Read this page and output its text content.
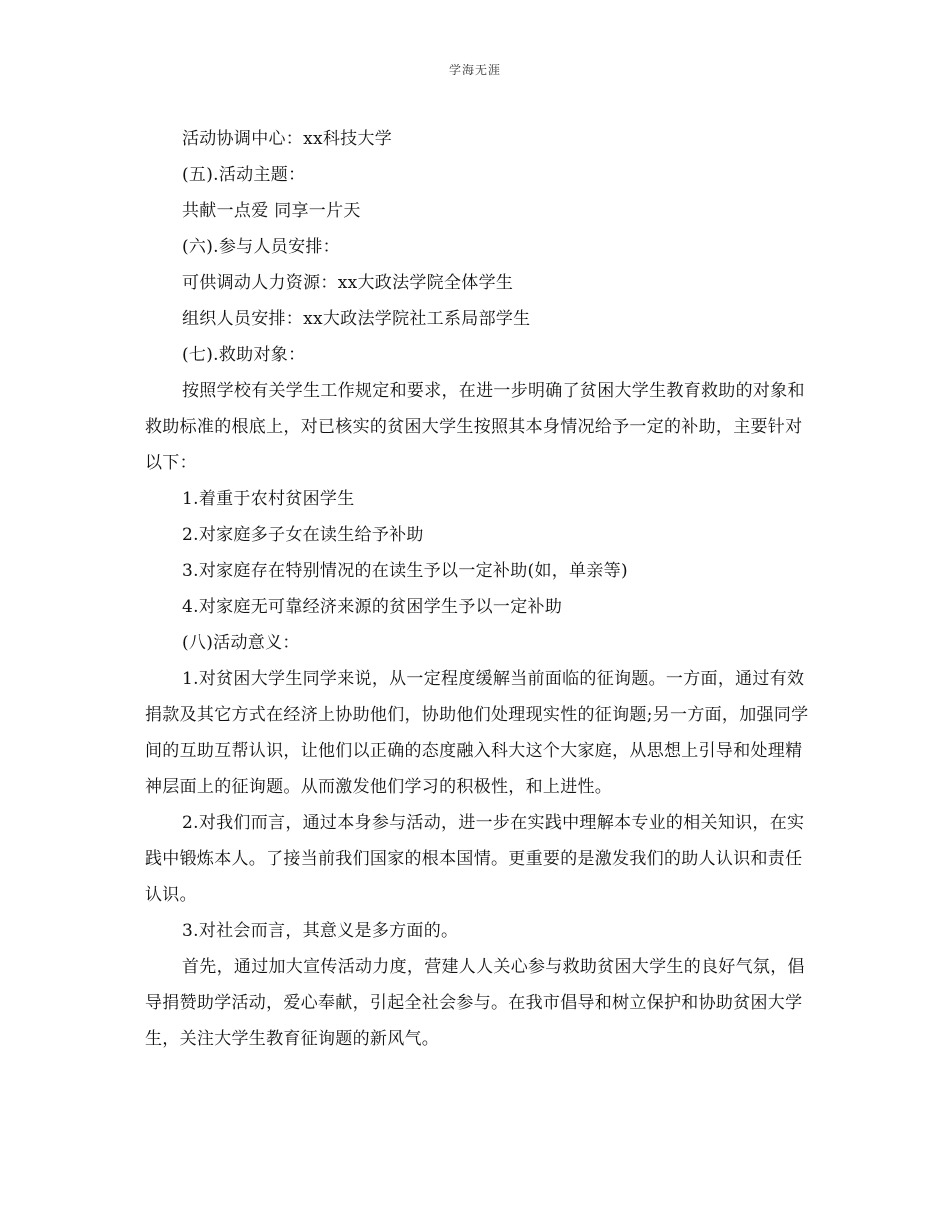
学海无涯

活动协调中心：xx科技大学

(五).活动主题：

共献一点爱 同享一片天

(六).参与人员安排：

可供调动人力资源：xx大政法学院全体学生

组织人员安排：xx大政法学院社工系局部学生

(七).救助对象：

按照学校有关学生工作规定和要求，在进一步明确了贫困大学生教育救助的对象和救助标准的根底上，对已核实的贫困大学生按照其本身情况给予一定的补助，主要针对以下：

1.着重于农村贫困学生

2.对家庭多子女在读生给予补助

3.对家庭存在特别情况的在读生予以一定补助(如，单亲等)

4.对家庭无可靠经济来源的贫困学生予以一定补助

(八)活动意义：

1.对贫困大学生同学来说，从一定程度缓解当前面临的征询题。一方面，通过有效捐款及其它方式在经济上协助他们，协助他们处理现实性的征询题;另一方面，加强同学间的互助互帮认识，让他们以正确的态度融入科大这个大家庭，从思想上引导和处理精神层面上的征询题。从而激发他们学习的积极性，和上进性。

2.对我们而言，通过本身参与活动，进一步在实践中理解本专业的相关知识，在实践中锻炼本人。了接当前我们国家的根本国情。更重要的是激发我们的助人认识和责任认识。

3.对社会而言，其意义是多方面的。

首先，通过加大宣传活动力度，营建人人关心参与救助贫困大学生的良好气氛，倡导捐赞助学活动，爱心奉献，引起全社会参与。在我市倡导和树立保护和协助贫困大学生，关注大学生教育征询题的新风气。
